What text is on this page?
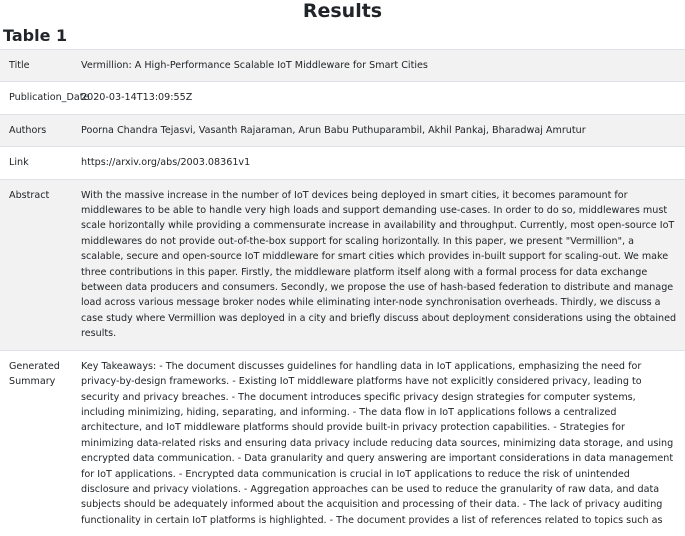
Results
Table 1
Title	Vermillion: A High-Performance Scalable IoT Middleware for Smart Cities
Publication_Date	2020-03-14T13:09:55Z
Authors	Poorna Chandra Tejasvi, Vasanth Rajaraman, Arun Babu Puthuparambil, Akhil Pankaj, Bharadwaj Amrutur
Link	https://arxiv.org/abs/2003.08361v1
Abstract	With the massive increase in the number of IoT devices being deployed in smart cities, it becomes paramount for middlewares to be able to handle very high loads and support demanding use-cases. In order to do so, middlewares must scale horizontally while providing a commensurate increase in availability and throughput. Currently, most open-source IoT middlewares do not provide out-of-the-box support for scaling horizontally. In this paper, we present "Vermillion", a scalable, secure and open-source IoT middleware for smart cities which provides in-built support for scaling-out. We make three contributions in this paper. Firstly, the middleware platform itself along with a formal process for data exchange between data producers and consumers. Secondly, we propose the use of hash-based federation to distribute and manage load across various message broker nodes while eliminating inter-node synchronisation overheads. Thirdly, we discuss a case study where Vermillion was deployed in a city and briefly discuss about deployment considerations using the obtained results.
Generated Summary	Key Takeaways: - The document discusses guidelines for handling data in IoT applications, emphasizing the need for privacy-by-design frameworks. - Existing IoT middleware platforms have not explicitly considered privacy, leading to security and privacy breaches. - The document introduces specific privacy design strategies for computer systems, including minimizing, hiding, separating, and informing. - The data flow in IoT applications follows a centralized architecture, and IoT middleware platforms should provide built-in privacy protection capabilities. - Strategies for minimizing data-related risks and ensuring data privacy include reducing data sources, minimizing data storage, and using encrypted data communication. - Data granularity and query answering are important considerations in data management for IoT applications. - Encrypted data communication is crucial in IoT applications to reduce the risk of unintended disclosure and privacy violations. - Aggregation approaches can be used to reduce the granularity of raw data, and data subjects should be adequately informed about the acquisition and processing of their data. - The lack of privacy auditing functionality in certain IoT platforms is highlighted. - The document provides a list of references related to topics such as
